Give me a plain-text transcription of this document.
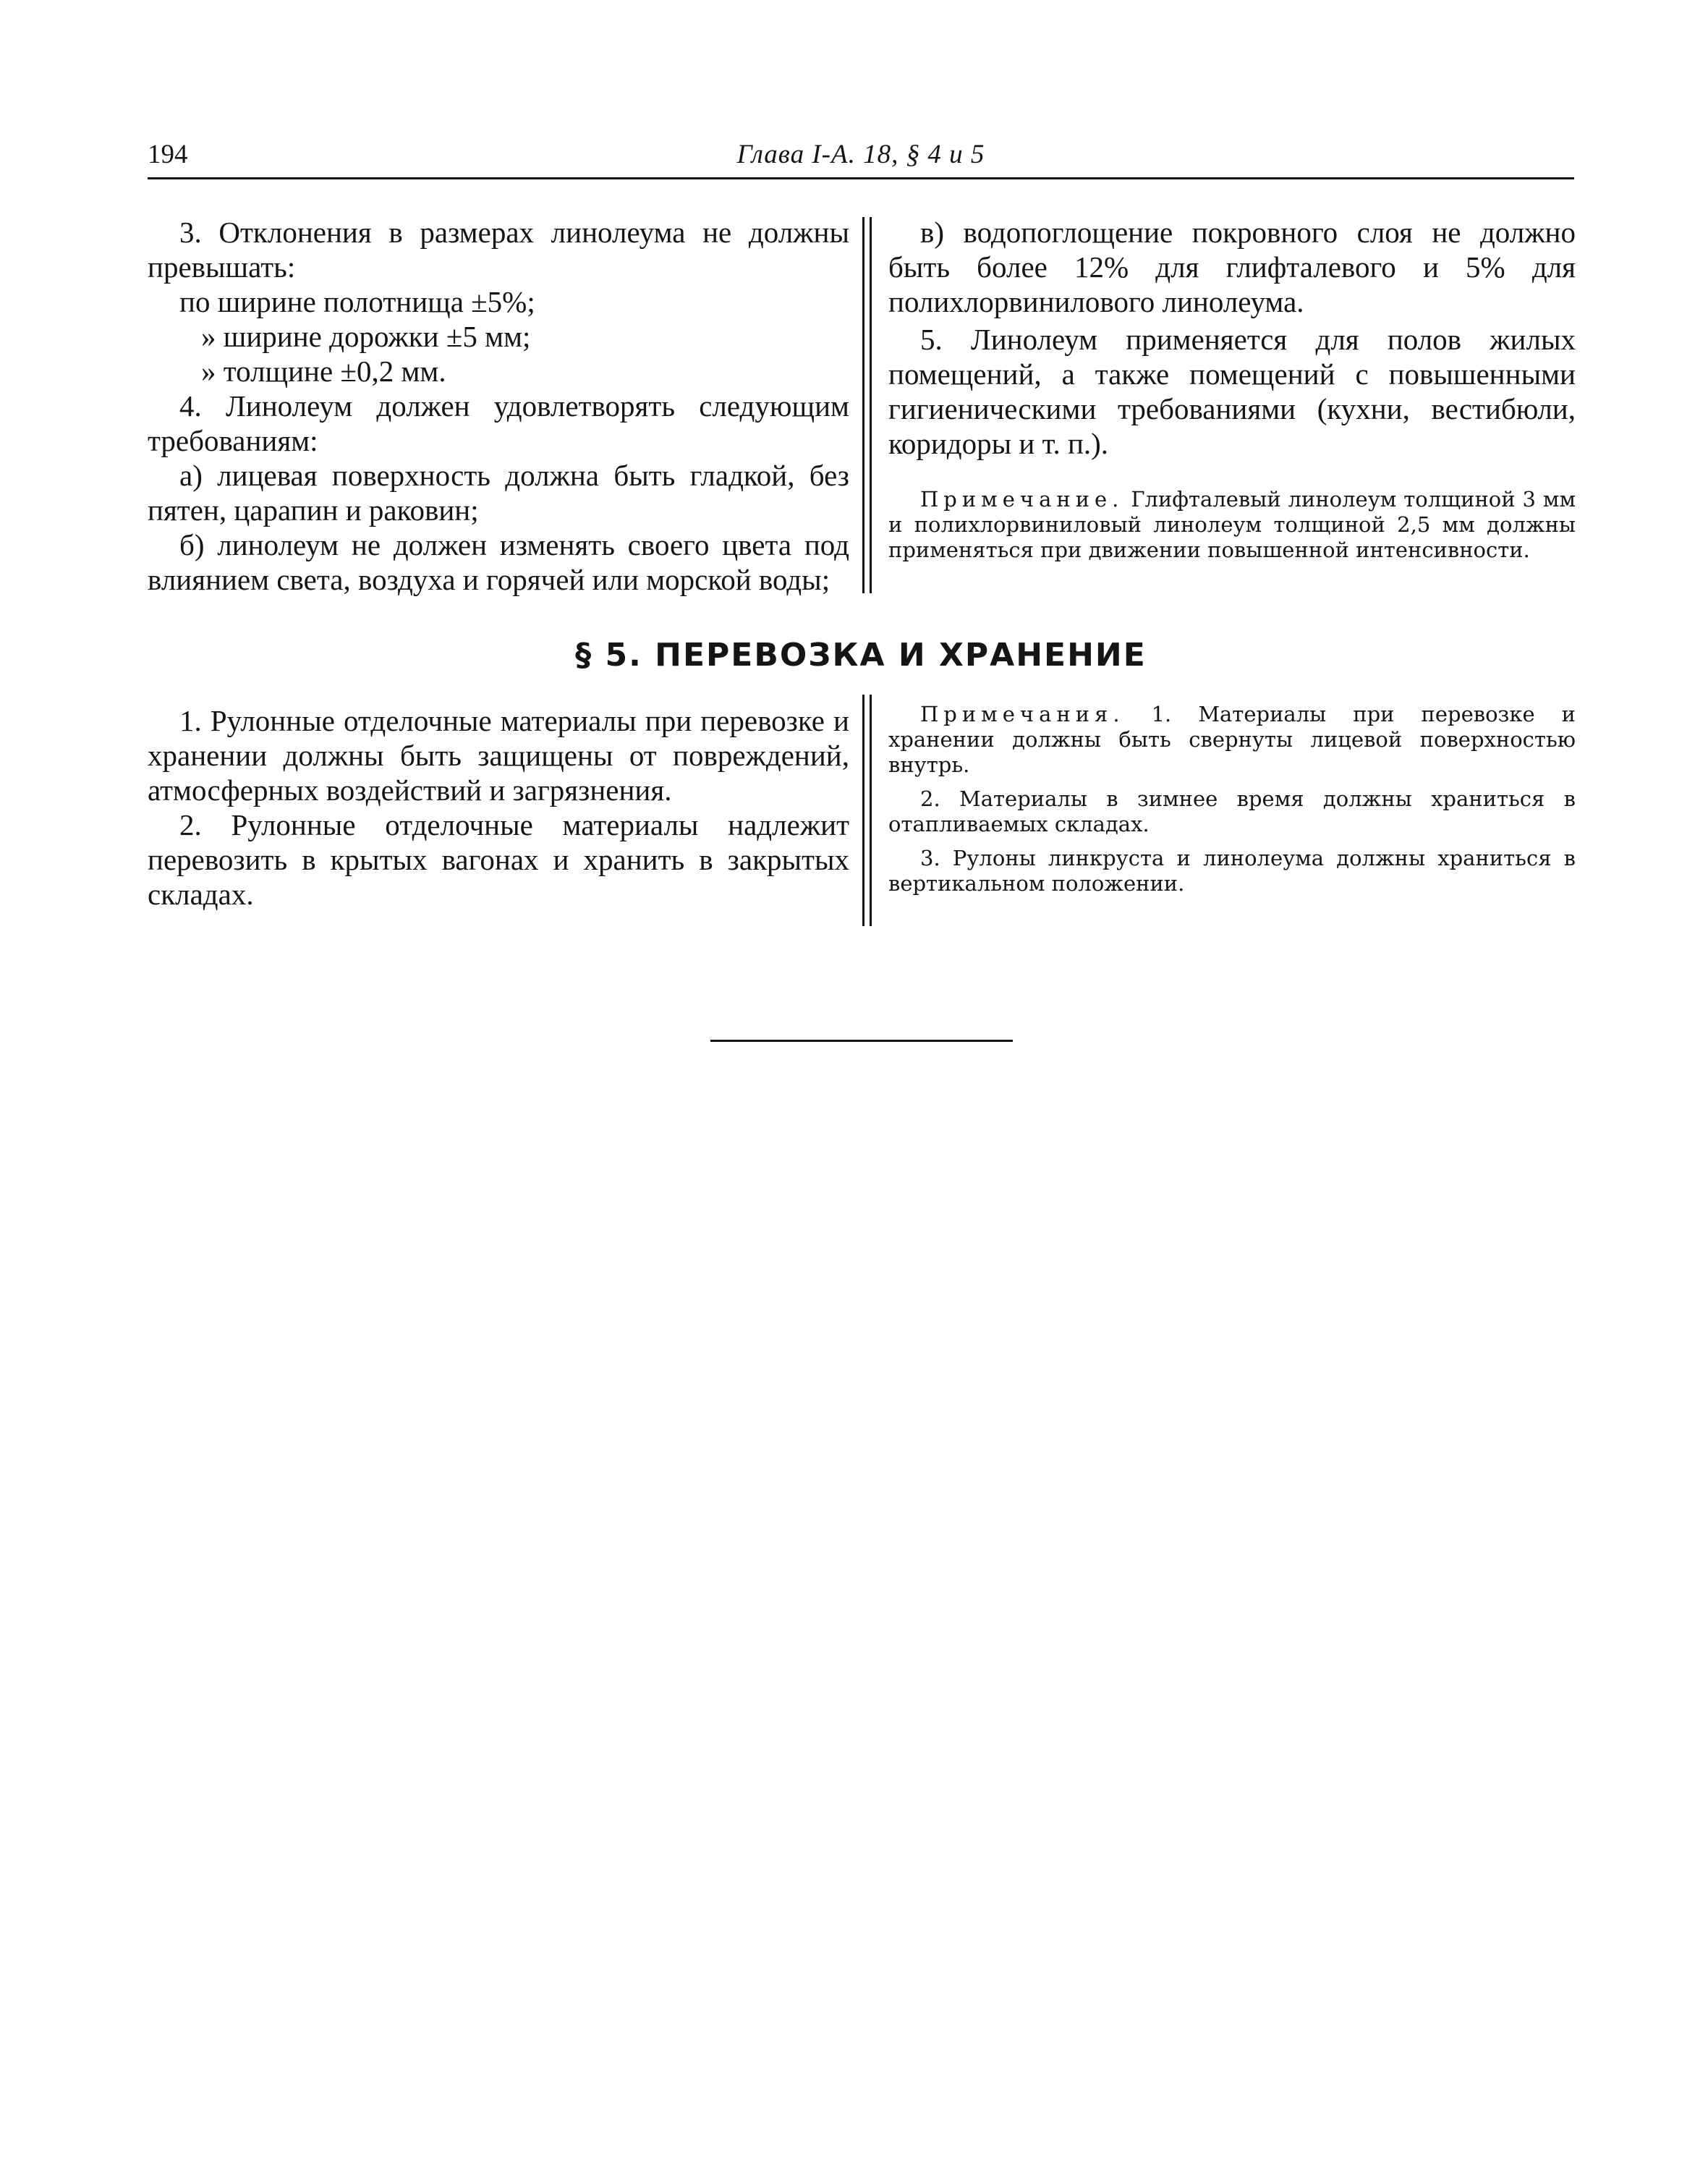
194	Глава I-A. 18, § 4 и 5

3. Отклонения в размерах линолеума не должны превышать:

по ширине полотнища ±5%;

» ширине дорожки ±5 мм;

» толщине ±0,2 мм.

4. Линолеум должен удовлетворять следующим требованиям:

а) лицевая поверхность должна быть гладкой, без пятен, царапин и раковин;

б) линолеум не должен изменять своего цвета под влиянием света, воздуха и горячей или морской воды;

в) водопоглощение покровного слоя не должно быть более 12% для глифталевого и 5% для полихлорвинилового линолеума.

5. Линолеум применяется для полов жилых помещений, а также помещений с повышенными гигиеническими требованиями (кухни, вестибюли, коридоры и т. п.).

Примечание. Глифталевый линолеум толщиной 3 мм и полихлорвиниловый линолеум толщиной 2,5 мм должны применяться при движении повышенной интенсивности.

§ 5. ПЕРЕВОЗКА И ХРАНЕНИЕ

1. Рулонные отделочные материалы при перевозке и хранении должны быть защищены от повреждений, атмосферных воздействий и загрязнения.

2. Рулонные отделочные материалы надлежит перевозить в крытых вагонах и хранить в закрытых складах.

Примечания. 1. Материалы при перевозке и хранении должны быть свернуты лицевой поверхностью внутрь.

2. Материалы в зимнее время должны храниться в отапливаемых складах.

3. Рулоны линкруста и линолеума должны храниться в вертикальном положении.
